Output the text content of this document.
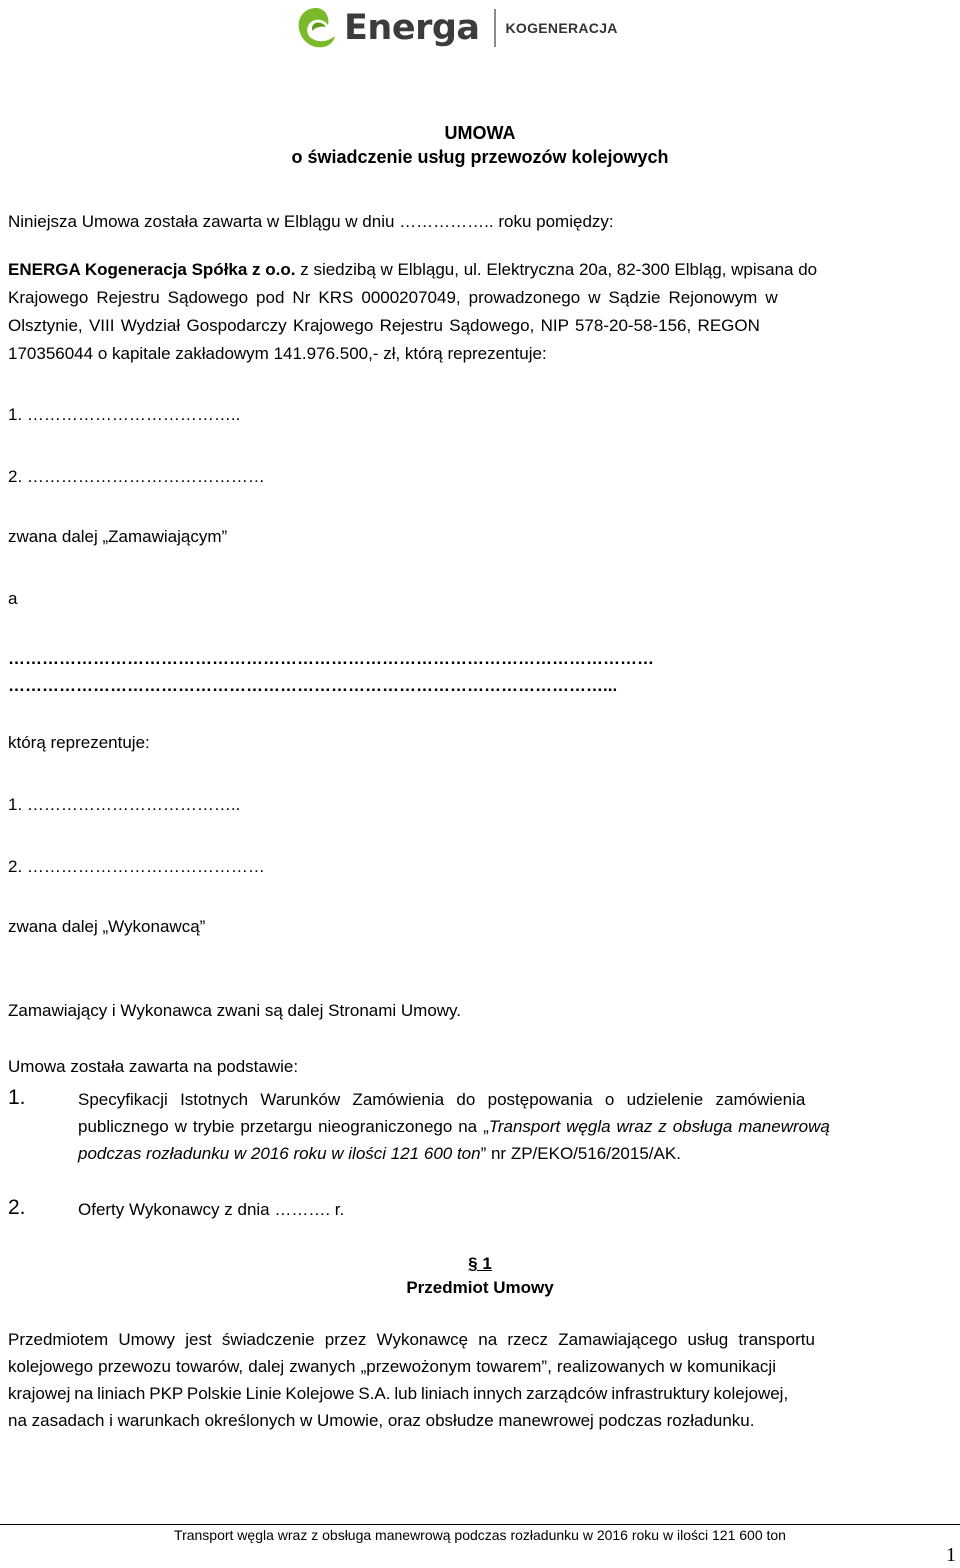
Energa KOGENERACJA
UMOWA
o świadczenie usług przewozów kolejowych
Niniejsza Umowa została zawarta w Elblągu w dniu …………….. roku pomiędzy:
ENERGA Kogeneracja Spółka z o.o. z siedzibą w Elblągu, ul. Elektryczna 20a, 82-300 Elbląg, wpisana do
Krajowego Rejestru Sądowego pod Nr KRS 0000207049, prowadzonego w Sądzie Rejonowym w
Olsztynie, VIII Wydział Gospodarczy Krajowego Rejestru Sądowego, NIP 578-20-58-156, REGON
170356044 o kapitale zakładowym 141.976.500,- zł, którą reprezentuje:
1. ………………………………..
2. ……………………………………
zwana dalej „Zamawiającym”
a
……………………………………………………………………………………………………
……………………………………………………………………………………………...
którą reprezentuje:
1. ………………………………..
2. ……………………………………
zwana dalej „Wykonawcą”
Zamawiający i Wykonawca zwani są dalej Stronami Umowy.
Umowa została zawarta na podstawie:
1.	Specyfikacji Istotnych Warunków Zamówienia do postępowania o udzielenie zamówienia
publicznego w trybie przetargu nieograniczonego na „Transport węgla wraz z obsługa manewrową
podczas rozładunku w 2016 roku w ilości 121 600 ton” nr ZP/EKO/516/2015/AK.
2.	Oferty Wykonawcy z dnia ………. r.
§ 1
Przedmiot Umowy
Przedmiotem Umowy jest świadczenie przez Wykonawcę na rzecz Zamawiającego usług transportu
kolejowego przewozu towarów, dalej zwanych „przewożonym towarem”, realizowanych w komunikacji
krajowej na liniach PKP Polskie Linie Kolejowe S.A. lub liniach innych zarządców infrastruktury kolejowej,
na zasadach i warunkach określonych w Umowie, oraz obsłudze manewrowej podczas rozładunku.
Transport węgla wraz z obsługa manewrową podczas rozładunku w 2016 roku w ilości 121 600 ton
1
